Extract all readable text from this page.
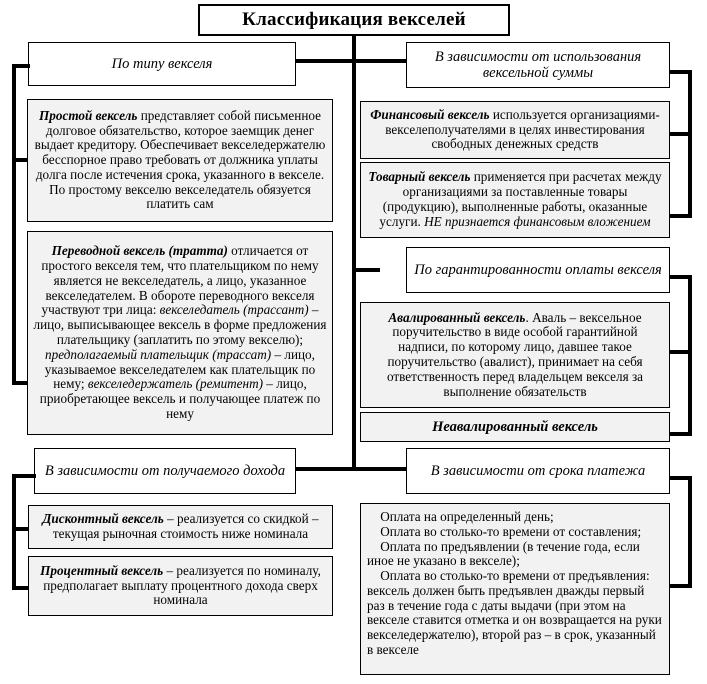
Классификация векселей
По типу векселя
Простой вексель представляет собой письменное долговое обязательство, которое заемщик денег выдает кредитору. Обеспечивает векселедержателю бесспорное право требовать от должника уплаты долга после истечения срока, указанного в векселе. По простому векселю векселедатель обязуется платить сам
Переводной вексель (тратта) отличается от простого векселя тем, что плательщиком по нему является не векселедатель, а лицо, указанное векселедателем. В обороте переводного векселя участвуют три лица: векселедатель (трассант) – лицо, выписывающее вексель в форме предложения плательщику (заплатить по этому векселю); предполагаемый плательщик (трассат) – лицо, указываемое векселедателем как плательщик по нему; векселедержатель (ремитент) – лицо, приобретающее вексель и получающее платеж по нему
В зависимости от использования вексельной суммы
Финансовый вексель используется организациями-векселеполучателями в целях инвестирования свободных денежных средств
Товарный вексель применяется при расчетах между организациями за поставленные товары (продукцию), выполненные работы, оказанные услуги. НЕ признается финансовым вложением
По гарантированности оплаты векселя
Авалированный вексель. Аваль – вексельное поручительство в виде особой гарантийной надписи, по которому лицо, давшее такое поручительство (авалист), принимает на себя ответственность перед владельцем векселя за выполнение обязательств
Неавалированный вексель
В зависимости от получаемого дохода
Дисконтный вексель – реализуется со скидкой – текущая рыночная стоимость ниже номинала
Процентный вексель – реализуется по номиналу, предполагает выплату процентного дохода сверх номинала
В зависимости от срока платежа
Оплата на определенный день;
Оплата во столько-то времени от составления;
Оплата по предъявлении (в течение года, если иное не указано в векселе);
Оплата во столько-то времени от предъявления: вексель должен быть предъявлен дважды первый раз в течение года с даты выдачи (при этом на векселе ставится отметка и он возвращается на руки векселедержателю), второй раз – в срок, указанный в векселе
